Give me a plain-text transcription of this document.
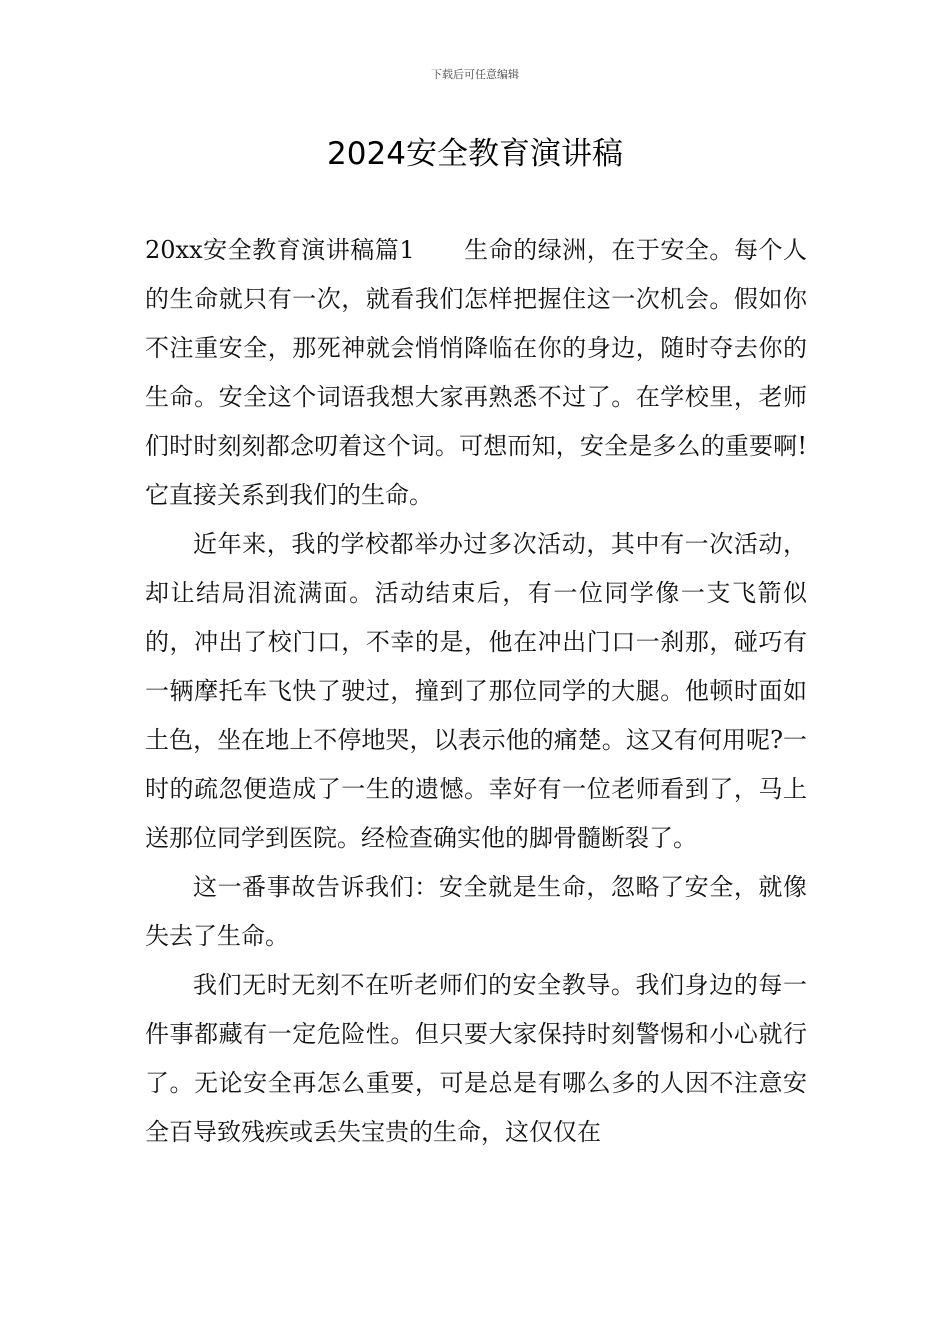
下载后可任意编辑
2024安全教育演讲稿

20xx安全教育演讲稿篇1　　生命的绿洲，在于安全。每个人的生命就只有一次，就看我们怎样把握住这一次机会。假如你不注重安全，那死神就会悄悄降临在你的身边，随时夺去你的生命。安全这个词语我想大家再熟悉不过了。在学校里，老师们时时刻刻都念叨着这个词。可想而知，安全是多么的重要啊!它直接关系到我们的生命。

近年来，我的学校都举办过多次活动，其中有一次活动，却让结局泪流满面。活动结束后，有一位同学像一支飞箭似的，冲出了校门口，不幸的是，他在冲出门口一刹那，碰巧有一辆摩托车飞快了驶过，撞到了那位同学的大腿。他顿时面如土色，坐在地上不停地哭，以表示他的痛楚。这又有何用呢?一时的疏忽便造成了一生的遗憾。幸好有一位老师看到了，马上送那位同学到医院。经检查确实他的脚骨髓断裂了。

这一番事故告诉我们：安全就是生命，忽略了安全，就像失去了生命。

我们无时无刻不在听老师们的安全教导。我们身边的每一件事都藏有一定危险性。但只要大家保持时刻警惕和小心就行了。无论安全再怎么重要，可是总是有哪么多的人因不注意安全百导致残疾或丢失宝贵的生命，这仅仅在
